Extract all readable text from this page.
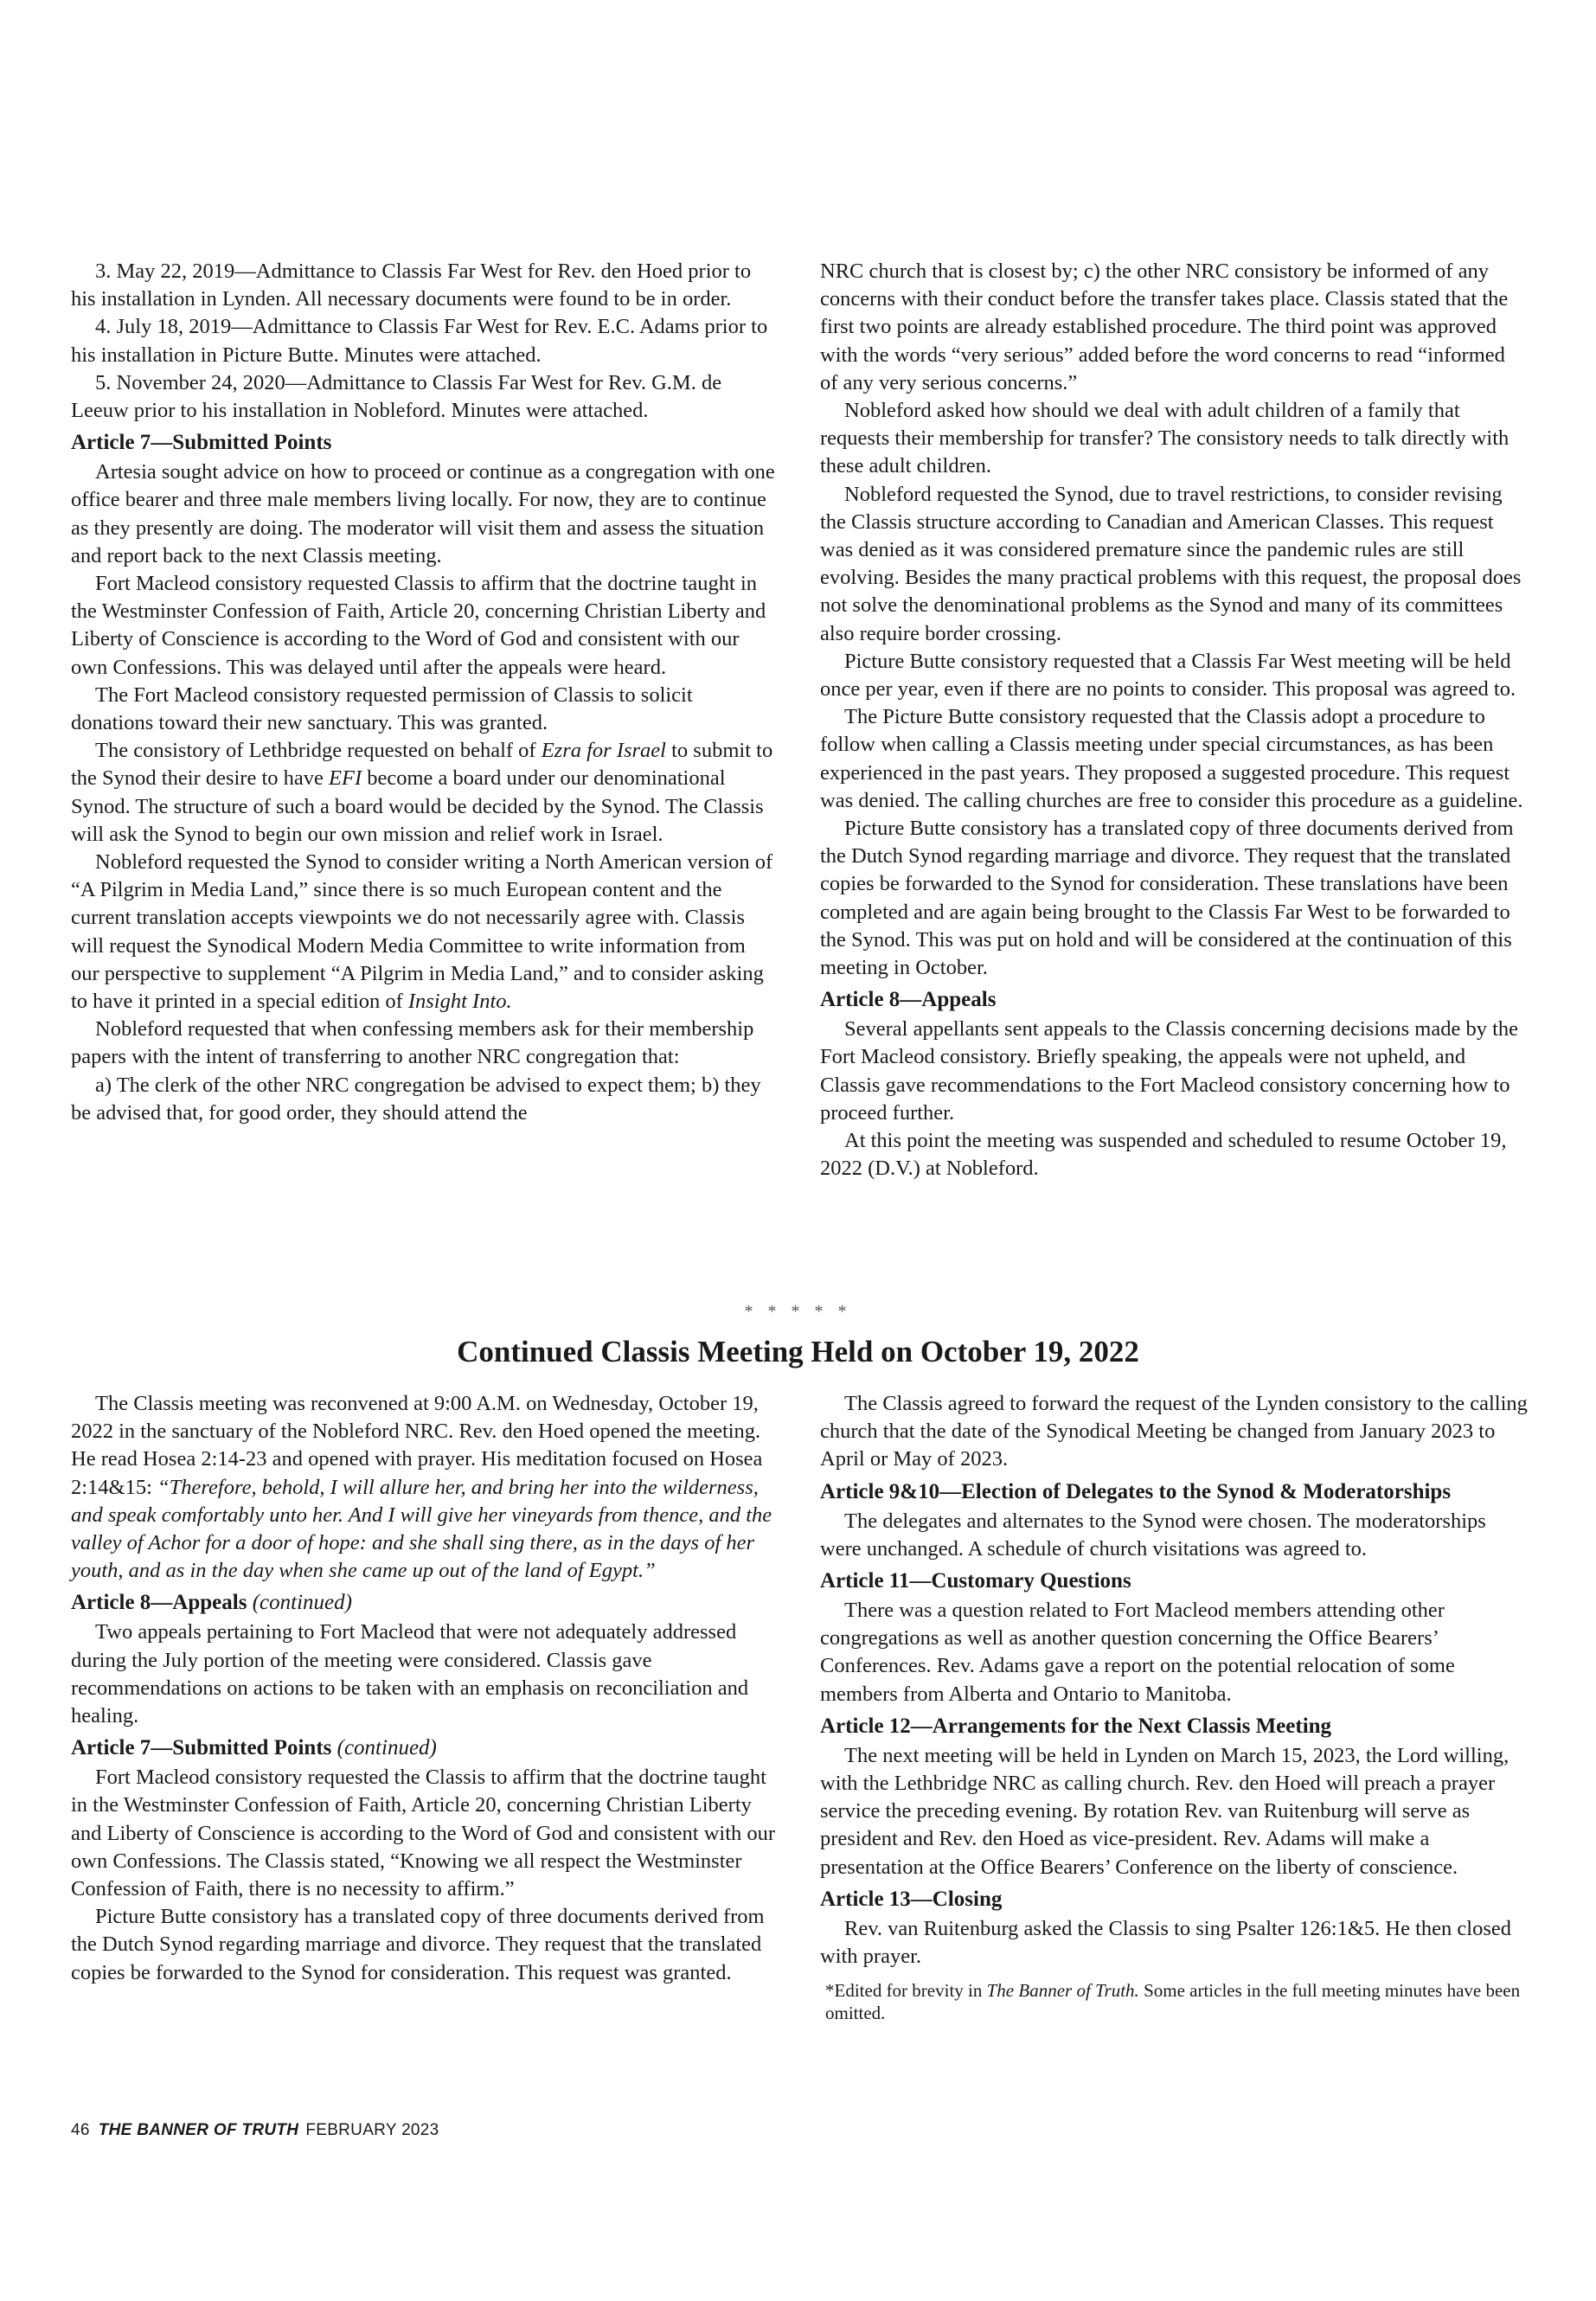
3. May 22, 2019—Admittance to Classis Far West for Rev. den Hoed prior to his installation in Lynden. All necessary documents were found to be in order.

4. July 18, 2019—Admittance to Classis Far West for Rev. E.C. Adams prior to his installation in Picture Butte. Minutes were attached.

5. November 24, 2020—Admittance to Classis Far West for Rev. G.M. de Leeuw prior to his installation in Nobleford. Minutes were attached.

Article 7—Submitted Points

Artesia sought advice on how to proceed or continue as a congregation with one office bearer and three male members living locally. For now, they are to continue as they presently are doing. The moderator will visit them and assess the situation and report back to the next Classis meeting.

Fort Macleod consistory requested Classis to affirm that the doctrine taught in the Westminster Confession of Faith, Article 20, concerning Christian Liberty and Liberty of Conscience is according to the Word of God and consistent with our own Confessions. This was delayed until after the appeals were heard.

The Fort Macleod consistory requested permission of Classis to solicit donations toward their new sanctuary. This was granted.

The consistory of Lethbridge requested on behalf of Ezra for Israel to submit to the Synod their desire to have EFI become a board under our denominational Synod. The structure of such a board would be decided by the Synod. The Classis will ask the Synod to begin our own mission and relief work in Israel.

Nobleford requested the Synod to consider writing a North American version of “A Pilgrim in Media Land,” since there is so much European content and the current translation accepts viewpoints we do not necessarily agree with. Classis will request the Synodical Modern Media Committee to write information from our perspective to supplement “A Pilgrim in Media Land,” and to consider asking to have it printed in a special edition of Insight Into.

Nobleford requested that when confessing members ask for their membership papers with the intent of transferring to another NRC congregation that:

a) The clerk of the other NRC congregation be advised to expect them; b) they be advised that, for good order, they should attend the

NRC church that is closest by; c) the other NRC consistory be informed of any concerns with their conduct before the transfer takes place. Classis stated that the first two points are already established procedure. The third point was approved with the words “very serious” added before the word concerns to read “informed of any very serious concerns.”

Nobleford asked how should we deal with adult children of a family that requests their membership for transfer? The consistory needs to talk directly with these adult children.

Nobleford requested the Synod, due to travel restrictions, to consider revising the Classis structure according to Canadian and American Classes. This request was denied as it was considered premature since the pandemic rules are still evolving. Besides the many practical problems with this request, the proposal does not solve the denominational problems as the Synod and many of its committees also require border crossing.

Picture Butte consistory requested that a Classis Far West meeting will be held once per year, even if there are no points to consider. This proposal was agreed to.

The Picture Butte consistory requested that the Classis adopt a procedure to follow when calling a Classis meeting under special circumstances, as has been experienced in the past years. They proposed a suggested procedure. This request was denied. The calling churches are free to consider this procedure as a guideline.

Picture Butte consistory has a translated copy of three documents derived from the Dutch Synod regarding marriage and divorce. They request that the translated copies be forwarded to the Synod for consideration. These translations have been completed and are again being brought to the Classis Far West to be forwarded to the Synod. This was put on hold and will be considered at the continuation of this meeting in October.

Article 8—Appeals

Several appellants sent appeals to the Classis concerning decisions made by the Fort Macleod consistory. Briefly speaking, the appeals were not upheld, and Classis gave recommendations to the Fort Macleod consistory concerning how to proceed further.

At this point the meeting was suspended and scheduled to resume October 19, 2022 (D.V.) at Nobleford.

* * * * *
Continued Classis Meeting Held on October 19, 2022

The Classis meeting was reconvened at 9:00 A.M. on Wednesday, October 19, 2022 in the sanctuary of the Nobleford NRC. Rev. den Hoed opened the meeting. He read Hosea 2:14-23 and opened with prayer. His meditation focused on Hosea 2:14&15: “Therefore, behold, I will allure her, and bring her into the wilderness, and speak comfortably unto her. And I will give her vineyards from thence, and the valley of Achor for a door of hope: and she shall sing there, as in the days of her youth, and as in the day when she came up out of the land of Egypt.”

Article 8—Appeals (continued)

Two appeals pertaining to Fort Macleod that were not adequately addressed during the July portion of the meeting were considered. Classis gave recommendations on actions to be taken with an emphasis on reconciliation and healing.

Article 7—Submitted Points (continued)

Fort Macleod consistory requested the Classis to affirm that the doctrine taught in the Westminster Confession of Faith, Article 20, concerning Christian Liberty and Liberty of Conscience is according to the Word of God and consistent with our own Confessions. The Classis stated, “Knowing we all respect the Westminster Confession of Faith, there is no necessity to affirm.”

Picture Butte consistory has a translated copy of three documents derived from the Dutch Synod regarding marriage and divorce. They request that the translated copies be forwarded to the Synod for consideration. This request was granted.

The Classis agreed to forward the request of the Lynden consistory to the calling church that the date of the Synodical Meeting be changed from January 2023 to April or May of 2023.

Article 9&10—Election of Delegates to the Synod & Moderatorships

The delegates and alternates to the Synod were chosen. The moderatorships were unchanged. A schedule of church visitations was agreed to.

Article 11—Customary Questions

There was a question related to Fort Macleod members attending other congregations as well as another question concerning the Office Bearers’ Conferences. Rev. Adams gave a report on the potential relocation of some members from Alberta and Ontario to Manitoba.

Article 12—Arrangements for the Next Classis Meeting

The next meeting will be held in Lynden on March 15, 2023, the Lord willing, with the Lethbridge NRC as calling church. Rev. den Hoed will preach a prayer service the preceding evening. By rotation Rev. van Ruitenburg will serve as president and Rev. den Hoed as vice-president. Rev. Adams will make a presentation at the Office Bearers’ Conference on the liberty of conscience.

Article 13—Closing

Rev. van Ruitenburg asked the Classis to sing Psalter 126:1&5. He then closed with prayer.

*Edited for brevity in The Banner of Truth. Some articles in the full meeting minutes have been omitted.
46 THE BANNER OF TRUTH FEBRUARY 2023
